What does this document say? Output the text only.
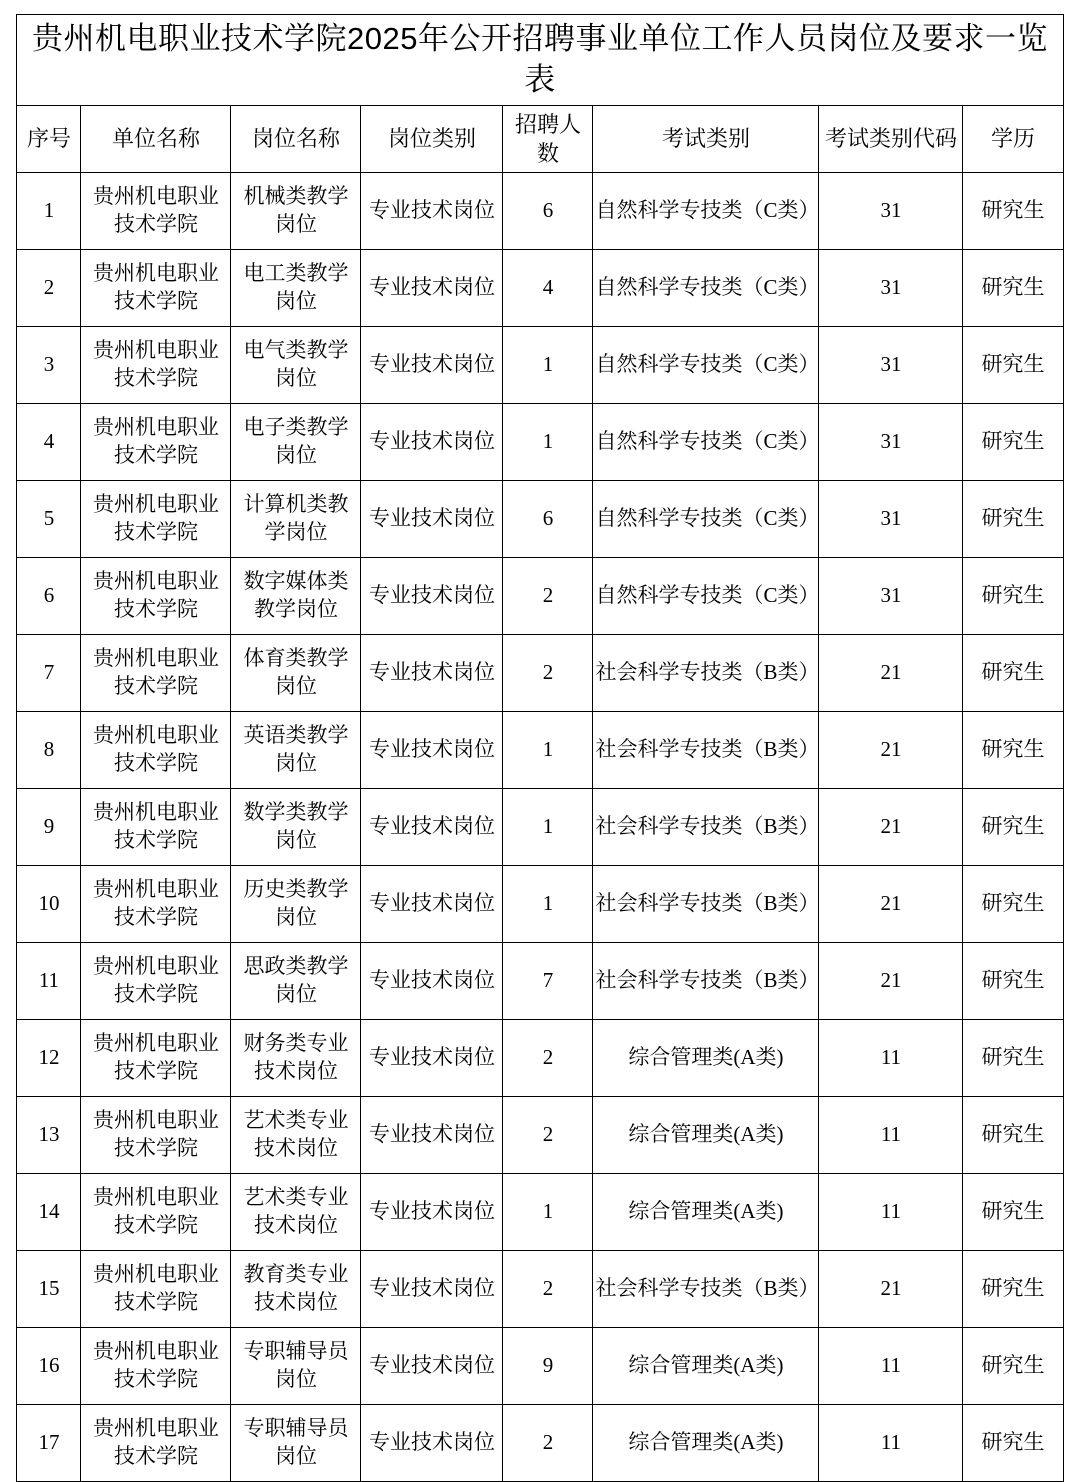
贵州机电职业技术学院2025年公开招聘事业单位工作人员岗位及要求一览表							
序号	单位名称	岗位名称	岗位类别	招聘人数	考试类别	考试类别代码	学历
1	贵州机电职业技术学院	机械类教学岗位	专业技术岗位	6	自然科学专技类（C类）	31	研究生
2	贵州机电职业技术学院	电工类教学岗位	专业技术岗位	4	自然科学专技类（C类）	31	研究生
3	贵州机电职业技术学院	电气类教学岗位	专业技术岗位	1	自然科学专技类（C类）	31	研究生
4	贵州机电职业技术学院	电子类教学岗位	专业技术岗位	1	自然科学专技类（C类）	31	研究生
5	贵州机电职业技术学院	计算机类教学岗位	专业技术岗位	6	自然科学专技类（C类）	31	研究生
6	贵州机电职业技术学院	数字媒体类教学岗位	专业技术岗位	2	自然科学专技类（C类）	31	研究生
7	贵州机电职业技术学院	体育类教学岗位	专业技术岗位	2	社会科学专技类（B类）	21	研究生
8	贵州机电职业技术学院	英语类教学岗位	专业技术岗位	1	社会科学专技类（B类）	21	研究生
9	贵州机电职业技术学院	数学类教学岗位	专业技术岗位	1	社会科学专技类（B类）	21	研究生
10	贵州机电职业技术学院	历史类教学岗位	专业技术岗位	1	社会科学专技类（B类）	21	研究生
11	贵州机电职业技术学院	思政类教学岗位	专业技术岗位	7	社会科学专技类（B类）	21	研究生
12	贵州机电职业技术学院	财务类专业技术岗位	专业技术岗位	2	综合管理类(A类)	11	研究生
13	贵州机电职业技术学院	艺术类专业技术岗位	专业技术岗位	2	综合管理类(A类)	11	研究生
14	贵州机电职业技术学院	艺术类专业技术岗位	专业技术岗位	1	综合管理类(A类)	11	研究生
15	贵州机电职业技术学院	教育类专业技术岗位	专业技术岗位	2	社会科学专技类（B类）	21	研究生
16	贵州机电职业技术学院	专职辅导员岗位	专业技术岗位	9	综合管理类(A类)	11	研究生
17	贵州机电职业技术学院	专职辅导员岗位	专业技术岗位	2	综合管理类(A类)	11	研究生
